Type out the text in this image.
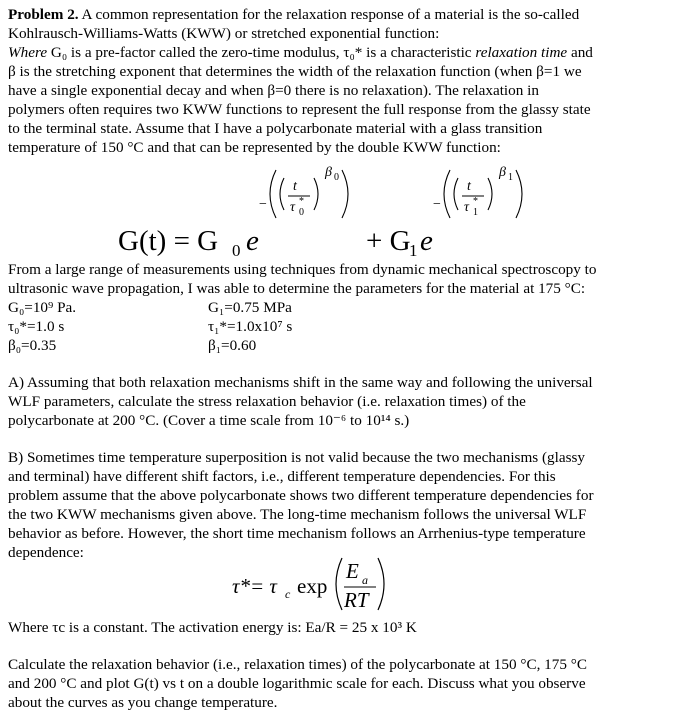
Problem 2. A common representation for the relaxation response of a material is the so-called
Kohlrausch-Williams-Watts (KWW) or stretched exponential function:
Where G₀ is a pre-factor called the zero-time modulus, τ₀* is a characteristic relaxation time and
β is the stretching exponent that determines the width of the relaxation function (when β=1 we
have a single exponential decay and when β=0 there is no relaxation). The relaxation in
polymers often requires two KWW functions to represent the full response from the glassy state
to the terminal state. Assume that I have a polycarbonate material with a glass transition
temperature of 150 °C and that can be represented by the double KWW function:
G(t) = G 0 e
−
t
τ *
0
β 0
+ G
1 e
−
t
τ *
1
β 1
From a large range of measurements using techniques from dynamic mechanical spectroscopy to
ultrasonic wave propagation, I was able to determine the parameters for the material at 175 °C:
G₀=10⁹ Pa.	G₁=0.75 MPa
τ₀*=1.0 s	τ₁*=1.0x10⁷ s
β₀=0.35	β₁=0.60
A) Assuming that both relaxation mechanisms shift in the same way and following the universal
WLF parameters, calculate the stress relaxation behavior (i.e. relaxation times) of the
polycarbonate at 200 °C. (Cover a time scale from 10⁻⁶ to 10¹⁴ s.)
B) Sometimes time temperature superposition is not valid because the two mechanisms (glassy
and terminal) have different shift factors, i.e., different temperature dependencies. For this
problem assume that the above polycarbonate shows two different temperature dependencies for
the two KWW mechanisms given above. The long-time mechanism follows the universal WLF
behavior as before. However, the short time mechanism follows an Arrhenius-type temperature
dependence:
τ*= τ c exp
E a
RT
Where τc is a constant. The activation energy is: Ea/R = 25 x 10³ K
Calculate the relaxation behavior (i.e., relaxation times) of the polycarbonate at 150 °C, 175 °C
and 200 °C and plot G(t) vs t on a double logarithmic scale for each. Discuss what you observe
about the curves as you change temperature.
